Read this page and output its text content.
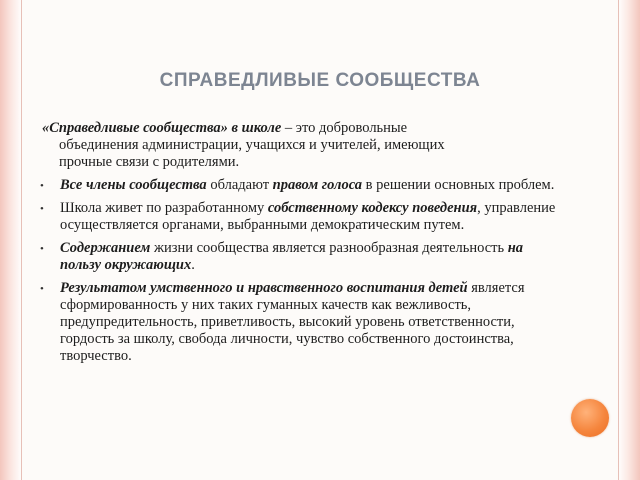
СПРАВЕДЛИВЫЕ СООБЩЕСТВА

«Справедливые сообщества» в школе – это добровольные
объединения администрации, учащихся и учителей, имеющих
прочные связи с родителями.

• Все члены сообщества обладают правом голоса в решении основных проблем.
• Школа живет по разработанному собственному кодексу поведения, управление осуществляется органами, выбранными демократическим путем.
• Содержанием жизни сообщества является разнообразная деятельность на пользу окружающих.
• Результатом умственного и нравственного воспитания детей является сформированность у них таких гуманных качеств как вежливость, предупредительность, приветливость, высокий уровень ответственности, гордость за школу, свобода личности, чувство собственного достоинства, творчество.
